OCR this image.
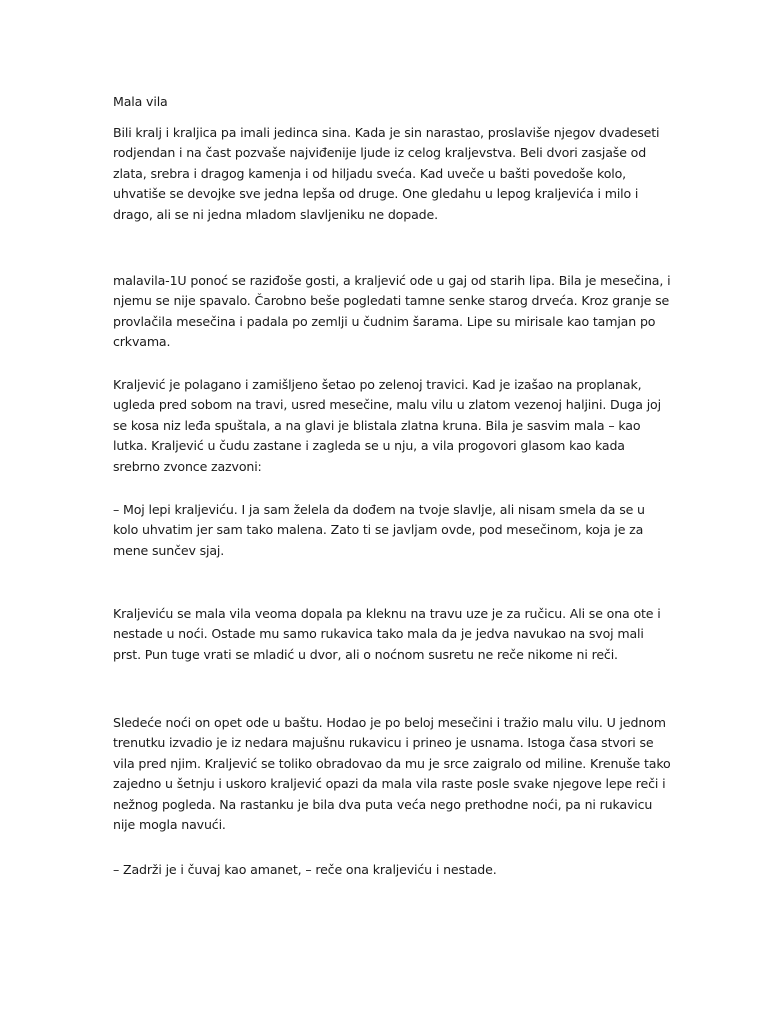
Mala vila

Bili kralj i kraljica pa imali jedinca sina. Kada je sin narastao, proslaviše njegov dvadeseti rodjendan i na čast pozvaše najviđenije ljude iz celog kraljevstva. Beli dvori zasjaše od zlata, srebra i dragog kamenja i od hiljadu sveća. Kad uveče u bašti povedoše kolo, uhvatiše se devojke sve jedna lepša od druge. One gledahu u lepog kraljevića i milo i drago, ali se ni jedna mladom slavljeniku ne dopade.

malavila-1U ponoć se raziđoše gosti, a kraljević ode u gaj od starih lipa. Bila je mesečina, i njemu se nije spavalo. Čarobno beše pogledati tamne senke starog drveća. Kroz granje se provlačila mesečina i padala po zemlji u čudnim šarama. Lipe su mirisale kao tamjan po crkvama.

Kraljević je polagano i zamišljeno šetao po zelenoj travici. Kad je izašao na proplanak, ugleda pred sobom na travi, usred mesečine, malu vilu u zlatom vezenoj haljini. Duga joj se kosa niz leđa spuštala, a na glavi je blistala zlatna kruna. Bila je sasvim mala – kao lutka. Kraljević u čudu zastane i zagleda se u nju, a vila progovori glasom kao kada srebrno zvonce zazvoni:

– Moj lepi kraljeviću. I ja sam želela da dođem na tvoje slavlje, ali nisam smela da se u kolo uhvatim jer sam tako malena. Zato ti se javljam ovde, pod mesečinom, koja je za mene sunčev sjaj.

Kraljeviću se mala vila veoma dopala pa kleknu na travu uze je za ručicu. Ali se ona ote i nestade u noći. Ostade mu samo rukavica tako mala da je jedva navukao na svoj mali prst. Pun tuge vrati se mladić u dvor, ali o noćnom susretu ne reče nikome ni reči.

Sledeće noći on opet ode u baštu. Hodao je po beloj mesečini i tražio malu vilu. U jednom trenutku izvadio je iz nedara majušnu rukavicu i prineo je usnama. Istoga časa stvori se vila pred njim. Kraljević se toliko obradovao da mu je srce zaigralo od miline. Krenuše tako zajedno u šetnju i uskoro kraljević opazi da mala vila raste posle svake njegove lepe reči i nežnog pogleda. Na rastanku je bila dva puta veća nego prethodne noći, pa ni rukavicu nije mogla navući.

– Zadrži je i čuvaj kao amanet, – reče ona kraljeviću i nestade.
